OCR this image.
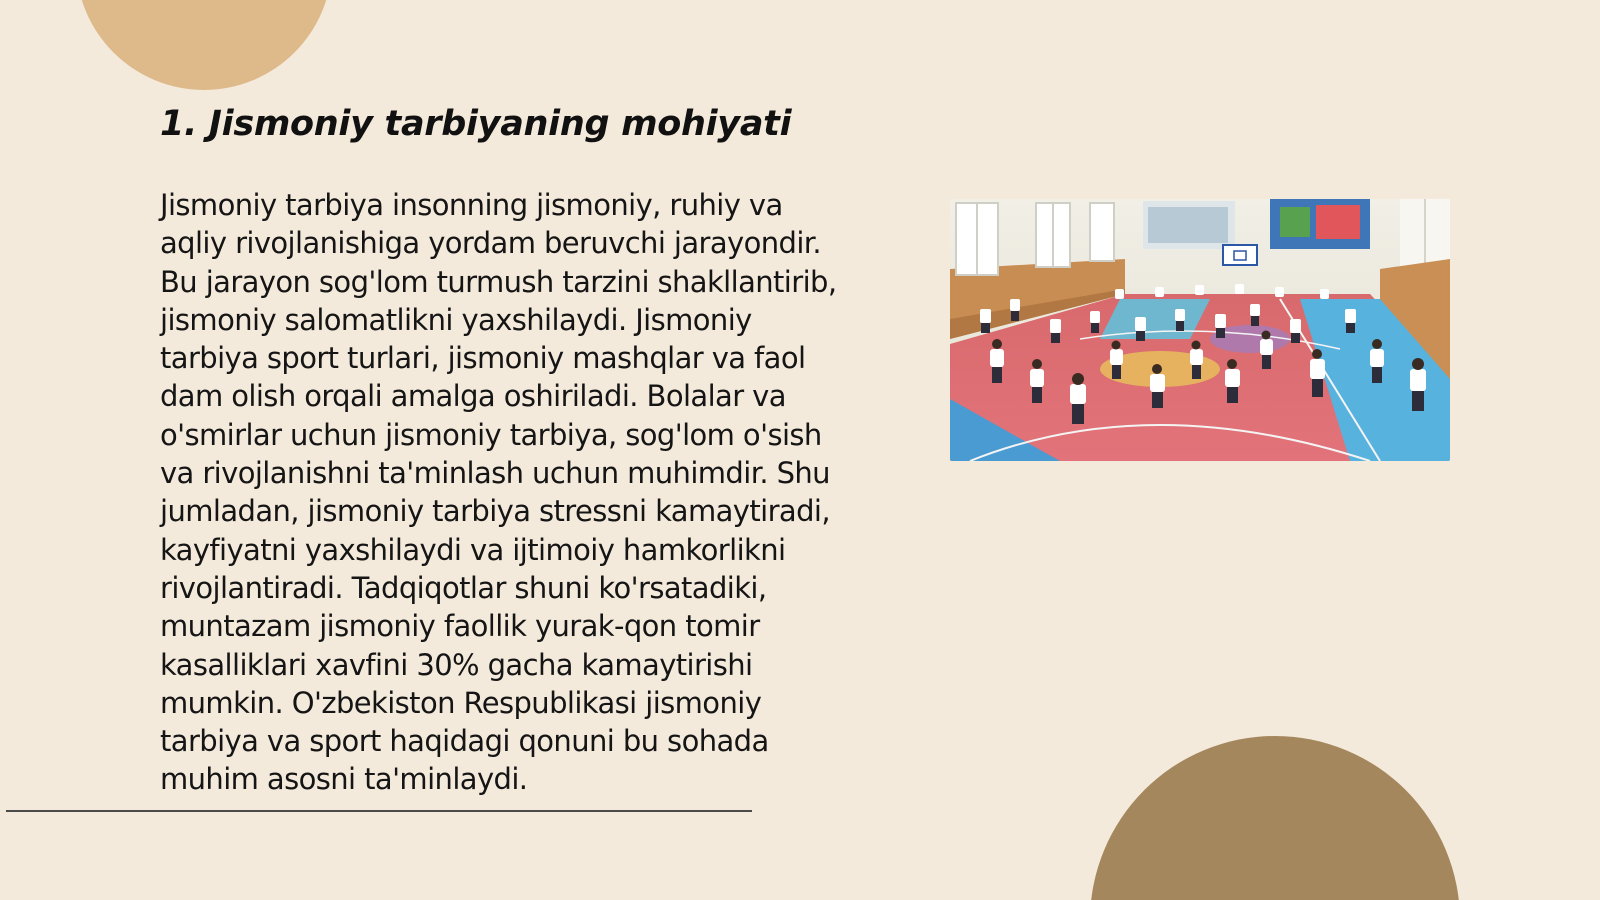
1. Jismoniy tarbiyaning mohiyati

Jismoniy tarbiya insonning jismoniy, ruhiy va aqliy rivojlanishiga yordam beruvchi jarayondir. Bu jarayon sog'lom turmush tarzini shakllantirib, jismoniy salomatlikni yaxshilaydi. Jismoniy tarbiya sport turlari, jismoniy mashqlar va faol dam olish orqali amalga oshiriladi. Bolalar va o'smirlar uchun jismoniy tarbiya, sog'lom o'sish va rivojlanishni ta'minlash uchun muhimdir. Shu jumladan, jismoniy tarbiya stressni kamaytiradi, kayfiyatni yaxshilaydi va ijtimoiy hamkorlikni rivojlantiradi. Tadqiqotlar shuni ko'rsatadiki, muntazam jismoniy faollik yurak-qon tomir kasalliklari xavfini 30% gacha kamaytirishi mumkin. O'zbekiston Respublikasi jismoniy tarbiya va sport haqidagi qonuni bu sohada muhim asosni ta'minlaydi.
